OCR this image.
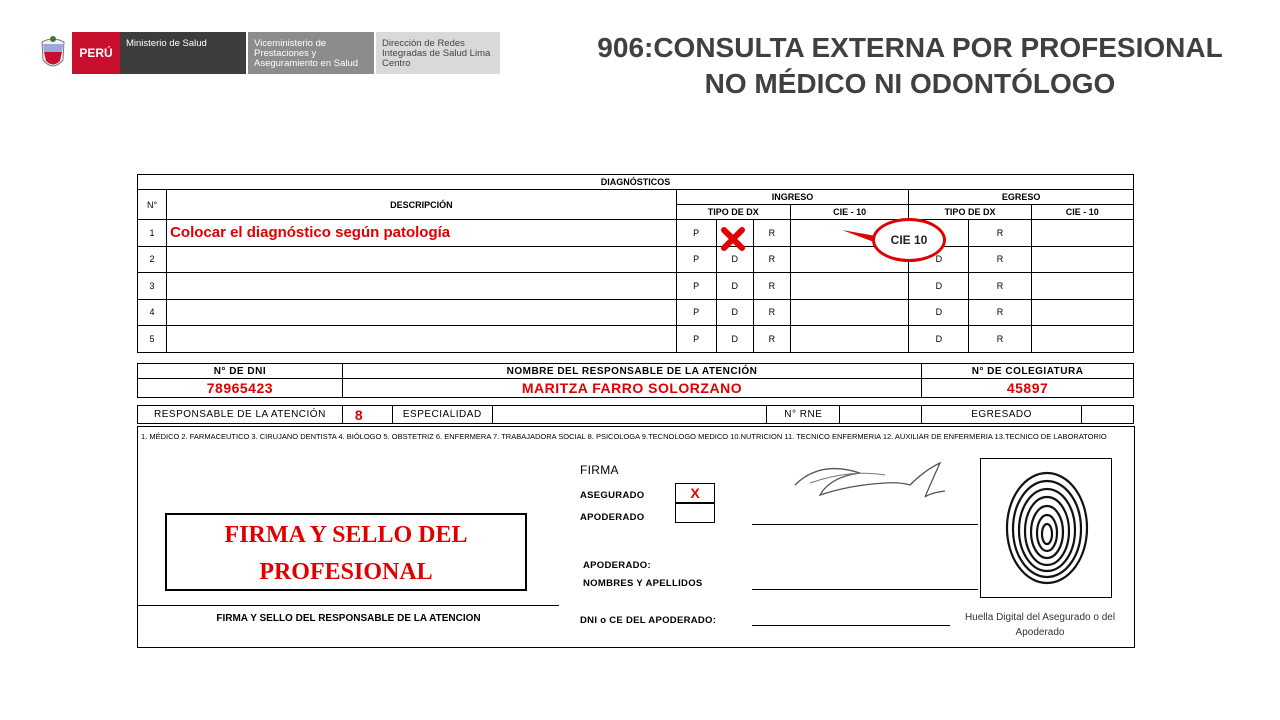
PERÚ
Ministerio de Salud	Viceministerio de Prestaciones y Aseguramiento en Salud
Dirección de Redes Integradas de Salud Lima Centro
906:CONSULTA EXTERNA POR PROFESIONAL
NO MÉDICO NI ODONTÓLOGO
DIAGNÓSTICOS								
N°	DESCRIPCIÓN	INGRESO				EGRESO		
		TIPO DE DX			CIE - 10	TIPO DE DX		CIE - 10
1	Colocar el diagnóstico según patología	P		R			R	
2		P	D	R		D	R	
3		P	D	R		D	R	
4		P	D	R		D	R	
5		P	D	R		D	R	
CIE 10
N° DE DNI	NOMBRE DEL RESPONSABLE DE LA ATENCIÓN	N° DE COLEGIATURA
78965423	MARITZA FARRO SOLORZANO	45897
RESPONSABLE DE LA ATENCIÓN	8	ESPECIALIDAD		N° RNE		EGRESADO	
1. MÉDICO 2. FARMACEUTICO 3. CIRUJANO DENTISTA 4. BIÓLOGO 5. OBSTETRIZ 6. ENFERMERA 7. TRABAJADORA SOCIAL 8. PSICOLOGA 9.TECNOLOGO MEDICO 10.NUTRICION 11. TECNICO ENFERMERIA 12. AUXILIAR DE ENFERMERIA 13.TECNICO DE LABORATORIO
FIRMA Y SELLO DEL PROFESIONAL
FIRMA Y SELLO DEL RESPONSABLE DE LA ATENCION
FIRMA
ASEGURADO	X
APODERADO
APODERADO:
NOMBRES Y APELLIDOS
DNI o CE DEL APODERADO:	Huella Digital del Asegurado o del Apoderado
